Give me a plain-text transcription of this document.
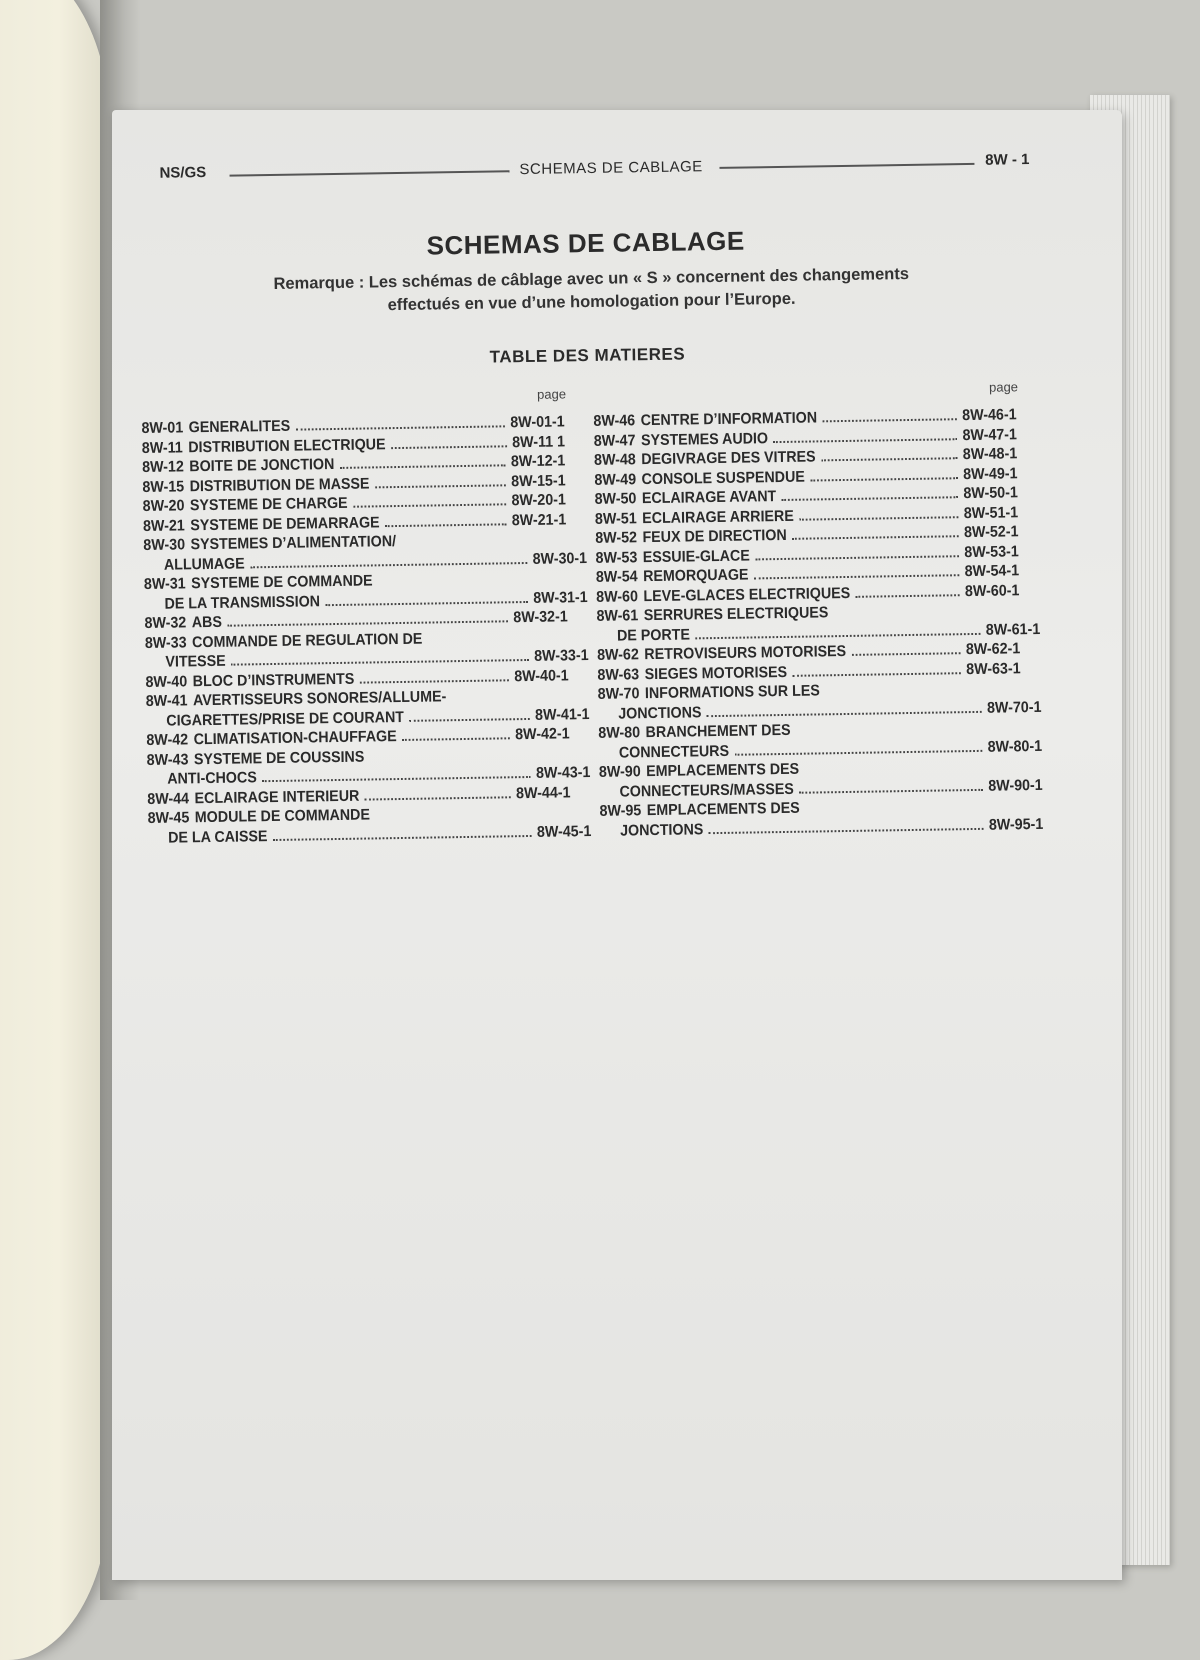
NS/GS	SCHEMAS DE CABLAGE	8W - 1
SCHEMAS DE CABLAGE
Remarque : Les schémas de câblage avec un « S » concernent des changements
effectués en vue d’une homologation pour l’Europe.
TABLE DES MATIERES
page
8W-01 GENERALITES	8W-01-1
8W-11 DISTRIBUTION ELECTRIQUE	8W-11 1
8W-12 BOITE DE JONCTION	8W-12-1
8W-15 DISTRIBUTION DE MASSE	8W-15-1
8W-20 SYSTEME DE CHARGE	8W-20-1
8W-21 SYSTEME DE DEMARRAGE	8W-21-1
8W-30 SYSTEMES D’ALIMENTATION/
ALLUMAGE	8W-30-1
8W-31 SYSTEME DE COMMANDE
DE LA TRANSMISSION	8W-31-1
8W-32 ABS	8W-32-1
8W-33 COMMANDE DE REGULATION DE
VITESSE	8W-33-1
8W-40 BLOC D’INSTRUMENTS	8W-40-1
8W-41 AVERTISSEURS SONORES/ALLUME-
CIGARETTES/PRISE DE COURANT	8W-41-1
8W-42 CLIMATISATION-CHAUFFAGE	8W-42-1
8W-43 SYSTEME DE COUSSINS
ANTI-CHOCS	8W-43-1
8W-44 ECLAIRAGE INTERIEUR	8W-44-1
8W-45 MODULE DE COMMANDE
DE LA CAISSE	8W-45-1
page
8W-46 CENTRE D’INFORMATION	8W-46-1
8W-47 SYSTEMES AUDIO	8W-47-1
8W-48 DEGIVRAGE DES VITRES	8W-48-1
8W-49 CONSOLE SUSPENDUE	8W-49-1
8W-50 ECLAIRAGE AVANT	8W-50-1
8W-51 ECLAIRAGE ARRIERE	8W-51-1
8W-52 FEUX DE DIRECTION	8W-52-1
8W-53 ESSUIE-GLACE	8W-53-1
8W-54 REMORQUAGE	8W-54-1
8W-60 LEVE-GLACES ELECTRIQUES	8W-60-1
8W-61 SERRURES ELECTRIQUES
DE PORTE	8W-61-1
8W-62 RETROVISEURS MOTORISES	8W-62-1
8W-63 SIEGES MOTORISES	8W-63-1
8W-70 INFORMATIONS SUR LES
JONCTIONS	8W-70-1
8W-80 BRANCHEMENT DES
CONNECTEURS	8W-80-1
8W-90 EMPLACEMENTS DES
CONNECTEURS/MASSES	8W-90-1
8W-95 EMPLACEMENTS DES
JONCTIONS	8W-95-1
